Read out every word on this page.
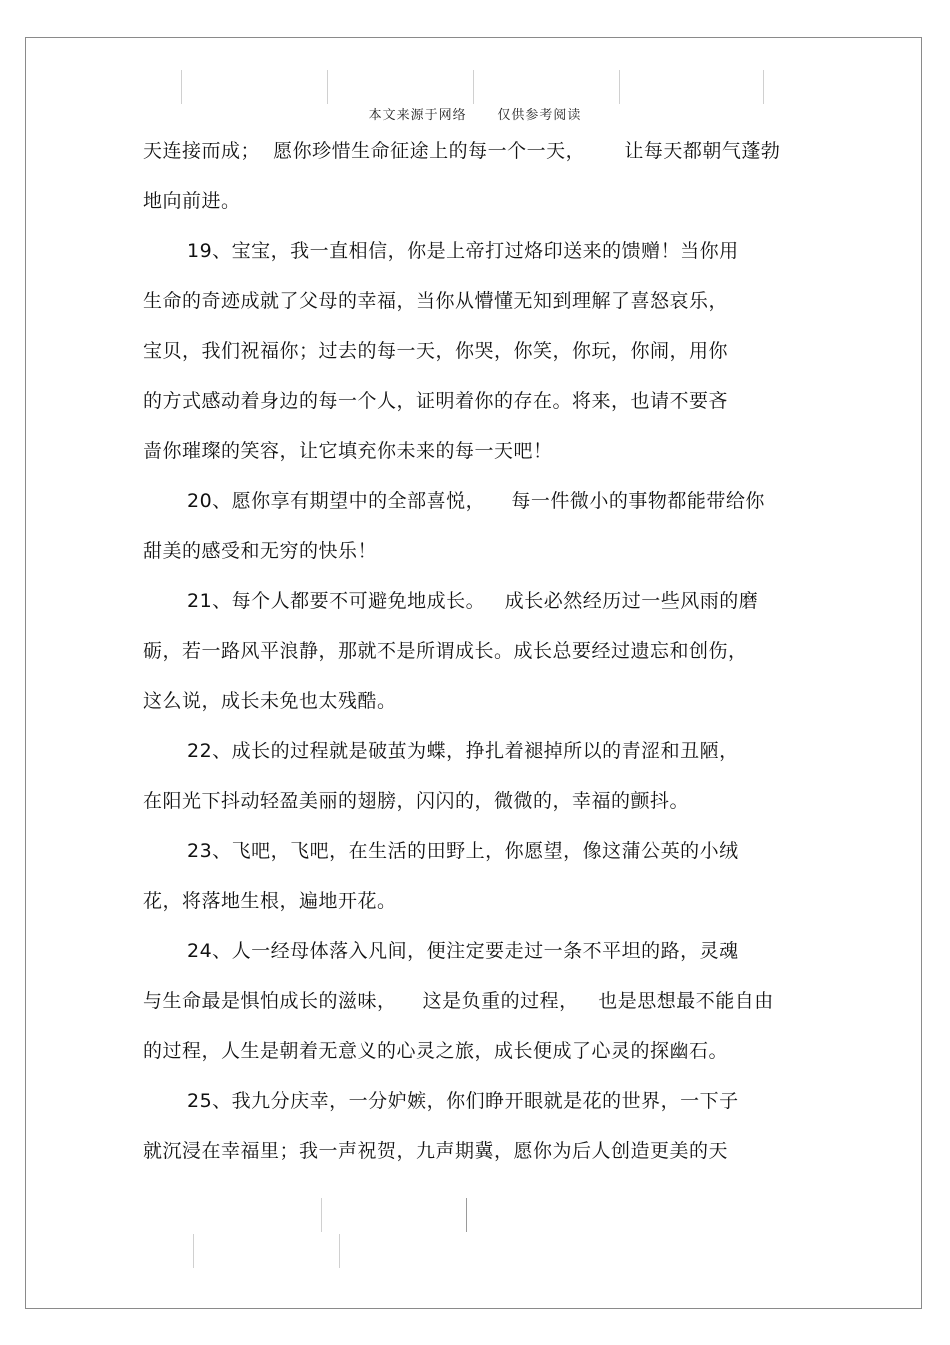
本文来源于网络      仅供参考阅读
天连接而成；  愿你珍惜生命征途上的每一个一天，      让每天都朝气蓬勃
地向前进。
19、宝宝，我一直相信，你是上帝打过烙印送来的馈赠！当你用
生命的奇迹成就了父母的幸福，当你从懵懂无知到理解了喜怒哀乐，
宝贝，我们祝福你；过去的每一天，你哭，你笑，你玩，你闹，用你
的方式感动着身边的每一个人，证明着你的存在。将来，也请不要吝
啬你璀璨的笑容，让它填充你未来的每一天吧！
20、愿你享有期望中的全部喜悦，    每一件微小的事物都能带给你
甜美的感受和无穷的快乐！
21、每个人都要不可避免地成长。   成长必然经历过一些风雨的磨
砺，若一路风平浪静，那就不是所谓成长。成长总要经过遗忘和创伤，
这么说，成长未免也太残酷。
22、成长的过程就是破茧为蝶，挣扎着褪掉所以的青涩和丑陋，
在阳光下抖动轻盈美丽的翅膀，闪闪的，微微的，幸福的颤抖。
23、飞吧，飞吧，在生活的田野上，你愿望，像这蒲公英的小绒
花，将落地生根，遍地开花。
24、人一经母体落入凡间，便注定要走过一条不平坦的路，灵魂
与生命最是惧怕成长的滋味，    这是负重的过程，   也是思想最不能自由
的过程，人生是朝着无意义的心灵之旅，成长便成了心灵的探幽石。
25、我九分庆幸，一分妒嫉，你们睁开眼就是花的世界，一下子
就沉浸在幸福里；我一声祝贺，九声期冀，愿你为后人创造更美的天
